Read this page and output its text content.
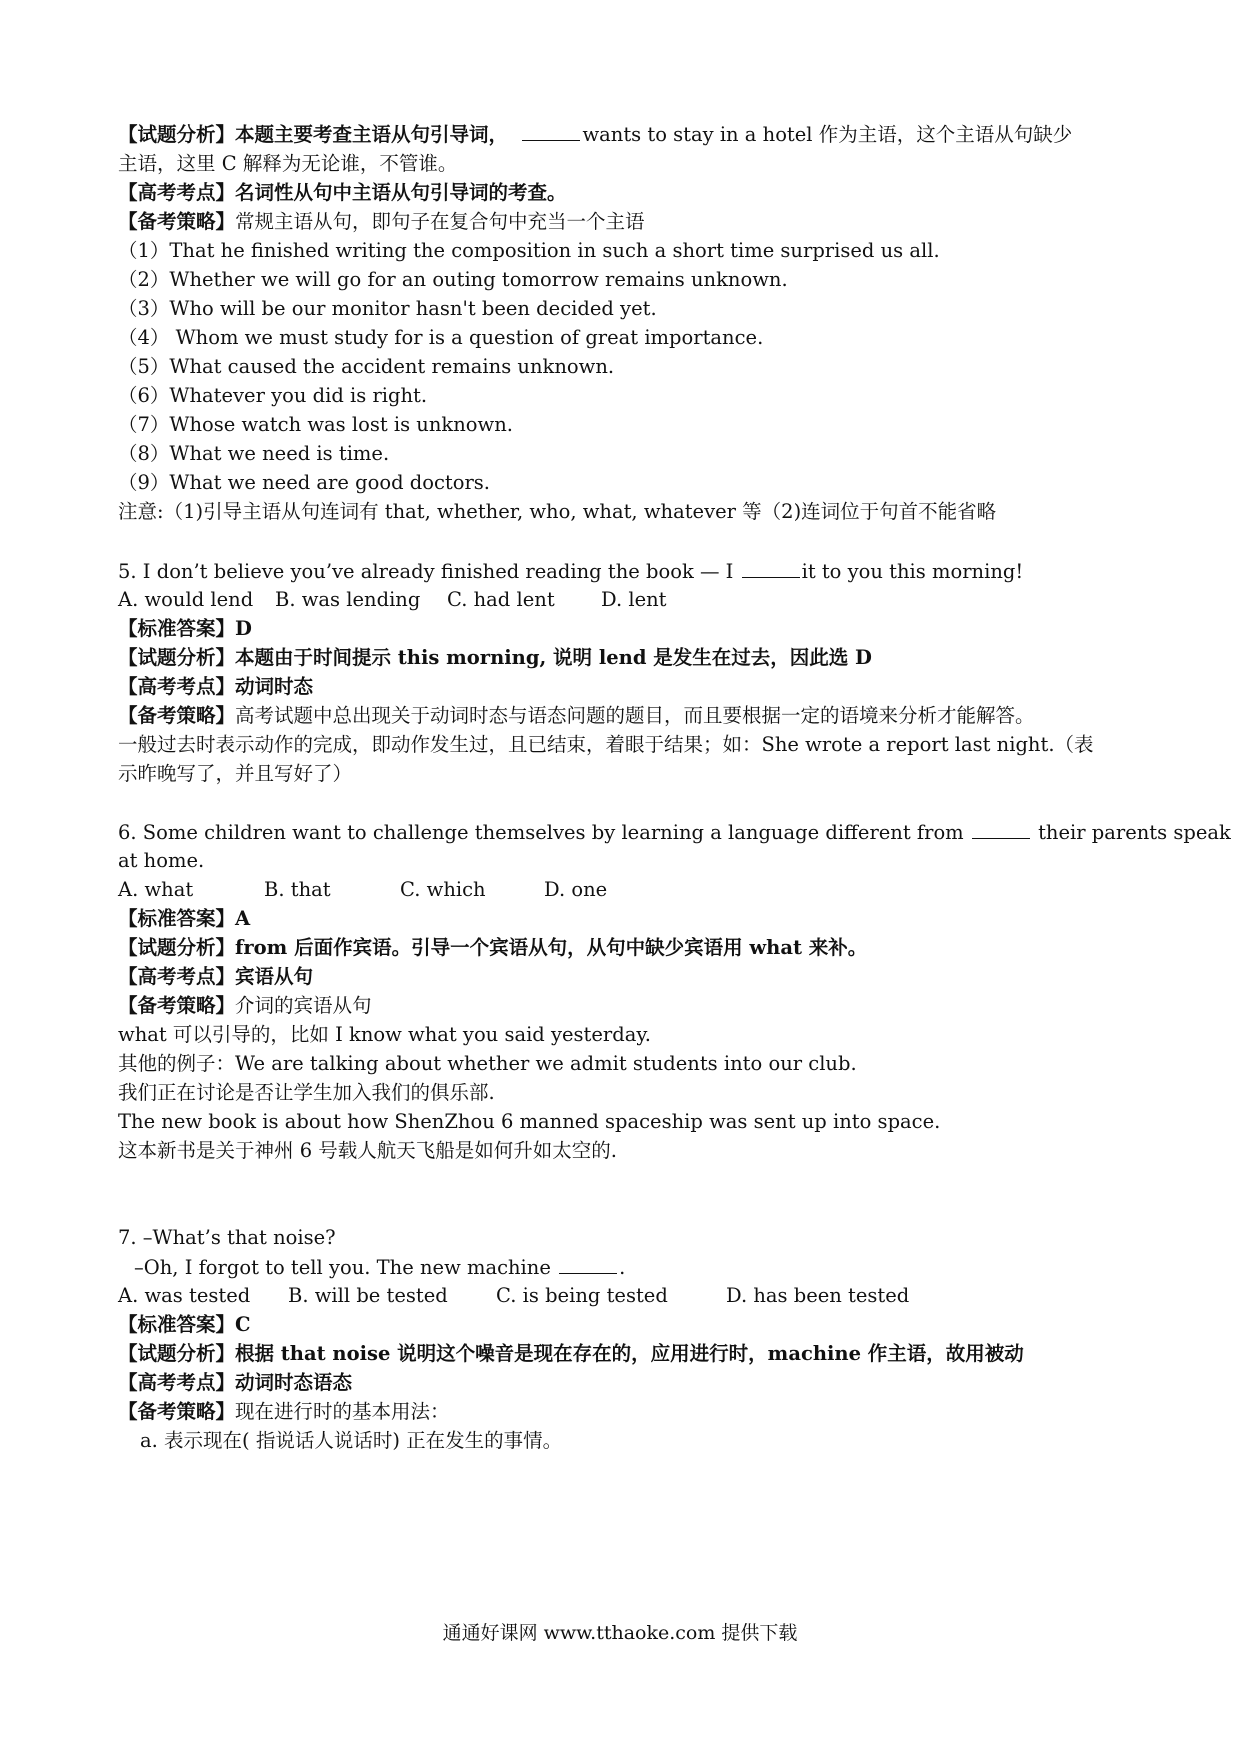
【试题分析】本题主要考查主语从句引导词，	wants to stay in a hotel 作为主语，这个主语从句缺少
主语，这里 C 解释为无论谁，不管谁。
【高考考点】名词性从句中主语从句引导词的考查。
【备考策略】常规主语从句，即句子在复合句中充当一个主语
（1）That he finished writing the composition in such a short time surprised us all.
（2）Whether we will go for an outing tomorrow remains unknown.
（3）Who will be our monitor hasn't been decided yet.
（4） Whom we must study for is a question of great importance.
（5）What caused the accident remains unknown.
（6）Whatever you did is right.
（7）Whose watch was lost is unknown.
（8）What we need is time.
（9）What we need are good doctors.
注意:（1)引导主语从句连词有 that, whether, who, what, whatever 等（2)连词位于句首不能省略
5. I don’t believe you’ve already finished reading the book — I	it to you this morning!
A. would lend B. was lending C. had lent D. lent
【标准答案】D
【试题分析】本题由于时间提示 this morning, 说明 lend 是发生在过去，因此选 D
【高考考点】动词时态
【备考策略】高考试题中总出现关于动词时态与语态问题的题目，而且要根据一定的语境来分析才能解答。
一般过去时表示动作的完成，即动作发生过，且已结束，着眼于结果；如：She wrote a report last night.（表
示昨晚写了，并且写好了）
6. Some children want to challenge themselves by learning a language different from	their parents speak
at home.
A. what	B. that	C. which	D. one
【标准答案】A
【试题分析】from 后面作宾语。引导一个宾语从句，从句中缺少宾语用 what 来补。
【高考考点】宾语从句
【备考策略】介词的宾语从句
what 可以引导的，比如 I know what you said yesterday.
其他的例子：We are talking about whether we admit students into our club.
我们正在讨论是否让学生加入我们的俱乐部.
The new book is about how ShenZhou 6 manned spaceship was sent up into space.
这本新书是关于神州 6 号载人航天飞船是如何升如太空的.
7. –What’s that noise?
–Oh, I forgot to tell you. The new machine	.
A. was tested B. will be tested C. is being tested	D. has been tested
【标准答案】C
【试题分析】根据 that noise 说明这个噪音是现在存在的，应用进行时，machine 作主语，故用被动
【高考考点】动词时态语态
【备考策略】现在进行时的基本用法：
a. 表示现在( 指说话人说话时) 正在发生的事情。
通通好课网 www.tthaoke.com 提供下载
